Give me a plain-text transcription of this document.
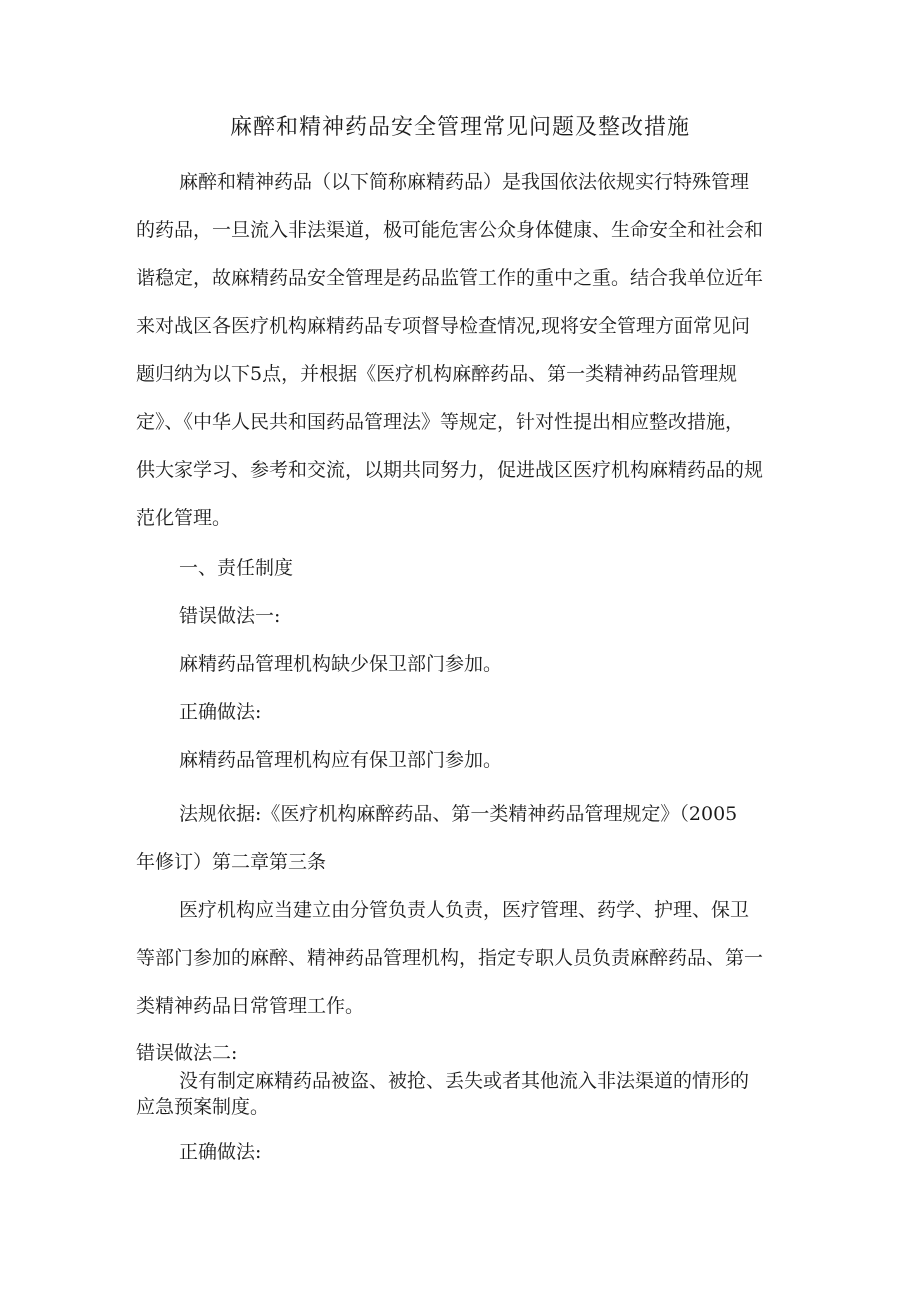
麻醉和精神药品安全管理常见问题及整改措施
麻醉和精神药品（以下简称麻精药品）是我国依法依规实行特殊管理
的药品，一旦流入非法渠道，极可能危害公众身体健康、生命安全和社会和
谐稳定，故麻精药品安全管理是药品监管工作的重中之重。结合我单位近年
来对战区各医疗机构麻精药品专项督导检查情况,现将安全管理方面常见问
题归纳为以下5点，并根据《医疗机构麻醉药品、第一类精神药品管理规
定》、《中华人民共和国药品管理法》等规定，针对性提出相应整改措施，
供大家学习、参考和交流，以期共同努力，促进战区医疗机构麻精药品的规
范化管理。

一、责任制度

错误做法一:

麻精药品管理机构缺少保卫部门参加。

正确做法:

麻精药品管理机构应有保卫部门参加。

法规依据:《医疗机构麻醉药品、第一类精神药品管理规定》（2005
年修订）第二章第三条
医疗机构应当建立由分管负责人负责，医疗管理、药学、护理、保卫
等部门参加的麻醉、精神药品管理机构，指定专职人员负责麻醉药品、第一
类精神药品日常管理工作。

错误做法二:

没有制定麻精药品被盗、被抢、丢失或者其他流入非法渠道的情形的
应急预案制度。

正确做法:
